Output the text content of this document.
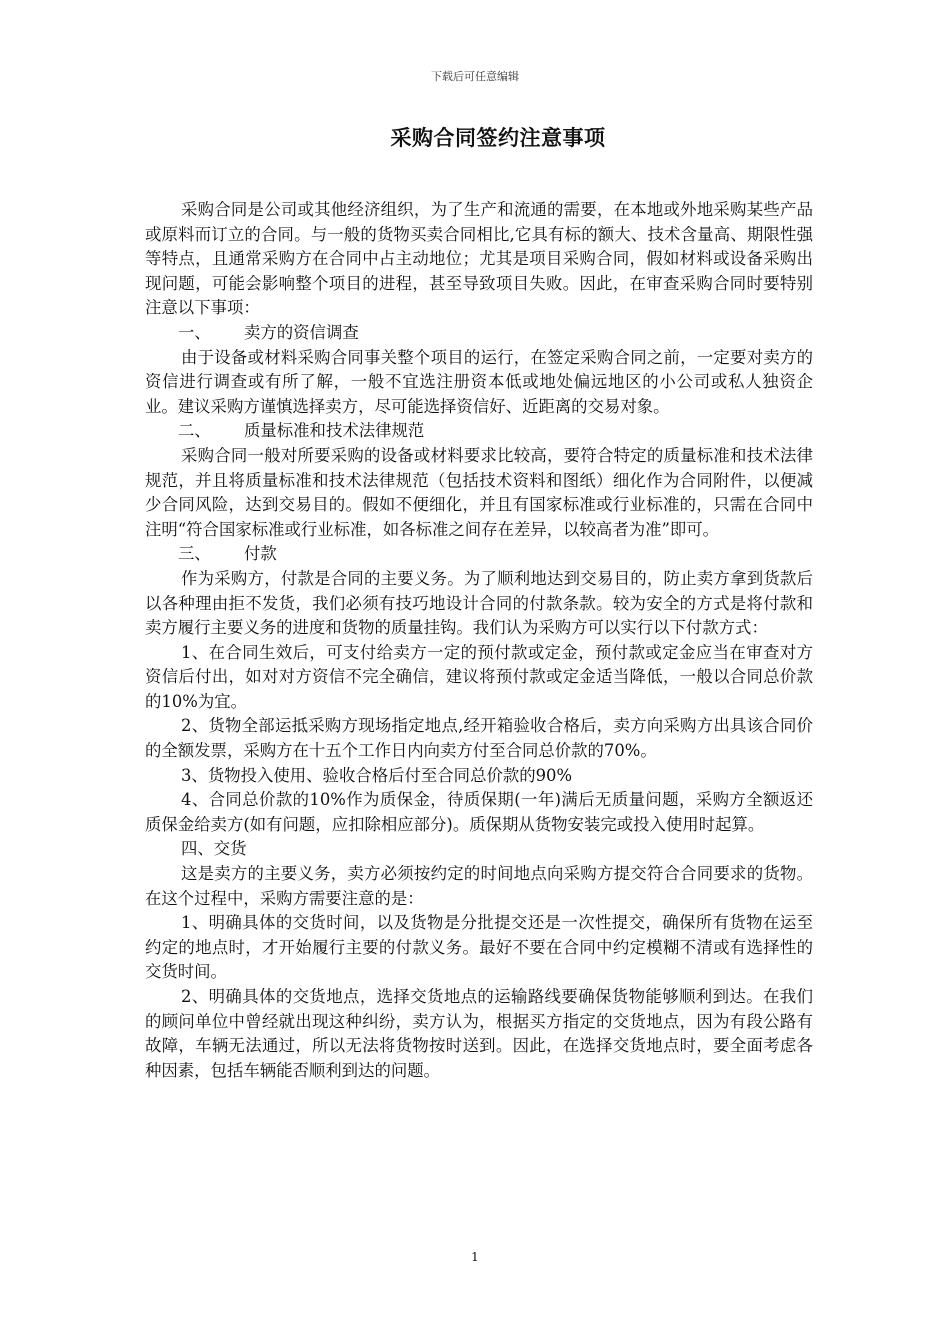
下载后可任意编辑
采购合同签约注意事项

采购合同是公司或其他经济组织，为了生产和流通的需要，在本地或外地采购某些产品或原料而订立的合同。与一般的货物买卖合同相比,它具有标的额大、技术含量高、期限性强等特点，且通常采购方在合同中占主动地位；尤其是项目采购合同，假如材料或设备采购出现问题，可能会影响整个项目的进程，甚至导致项目失败。因此，在审查采购合同时要特别注意以下事项：

一、 卖方的资信调查

由于设备或材料采购合同事关整个项目的运行，在签定采购合同之前，一定要对卖方的资信进行调查或有所了解，一般不宜选注册资本低或地处偏远地区的小公司或私人独资企业。建议采购方谨慎选择卖方，尽可能选择资信好、近距离的交易对象。

二、 质量标准和技术法律规范

采购合同一般对所要采购的设备或材料要求比较高，要符合特定的质量标准和技术法律规范，并且将质量标准和技术法律规范（包括技术资料和图纸）细化作为合同附件，以便减少合同风险，达到交易目的。假如不便细化，并且有国家标准或行业标准的，只需在合同中注明“符合国家标准或行业标准，如各标准之间存在差异，以较高者为准”即可。

三、 付款

作为采购方，付款是合同的主要义务。为了顺利地达到交易目的，防止卖方拿到货款后以各种理由拒不发货，我们必须有技巧地设计合同的付款条款。较为安全的方式是将付款和卖方履行主要义务的进度和货物的质量挂钩。我们认为采购方可以实行以下付款方式：

1、在合同生效后，可支付给卖方一定的预付款或定金，预付款或定金应当在审查对方资信后付出，如对对方资信不完全确信，建议将预付款或定金适当降低，一般以合同总价款的10%为宜。

2、货物全部运抵采购方现场指定地点,经开箱验收合格后，卖方向采购方出具该合同价的全额发票，采购方在十五个工作日内向卖方付至合同总价款的70%。

3、货物投入使用、验收合格后付至合同总价款的90%

4、合同总价款的10%作为质保金，待质保期(一年)满后无质量问题，采购方全额返还质保金给卖方(如有问题，应扣除相应部分)。质保期从货物安装完或投入使用时起算。

四、交货

这是卖方的主要义务，卖方必须按约定的时间地点向采购方提交符合合同要求的货物。在这个过程中，采购方需要注意的是：

1、明确具体的交货时间，以及货物是分批提交还是一次性提交，确保所有货物在运至约定的地点时，才开始履行主要的付款义务。最好不要在合同中约定模糊不清或有选择性的交货时间。

2、明确具体的交货地点，选择交货地点的运输路线要确保货物能够顺利到达。在我们的顾问单位中曾经就出现这种纠纷，卖方认为，根据买方指定的交货地点，因为有段公路有故障，车辆无法通过，所以无法将货物按时送到。因此，在选择交货地点时，要全面考虑各种因素，包括车辆能否顺利到达的问题。

1
